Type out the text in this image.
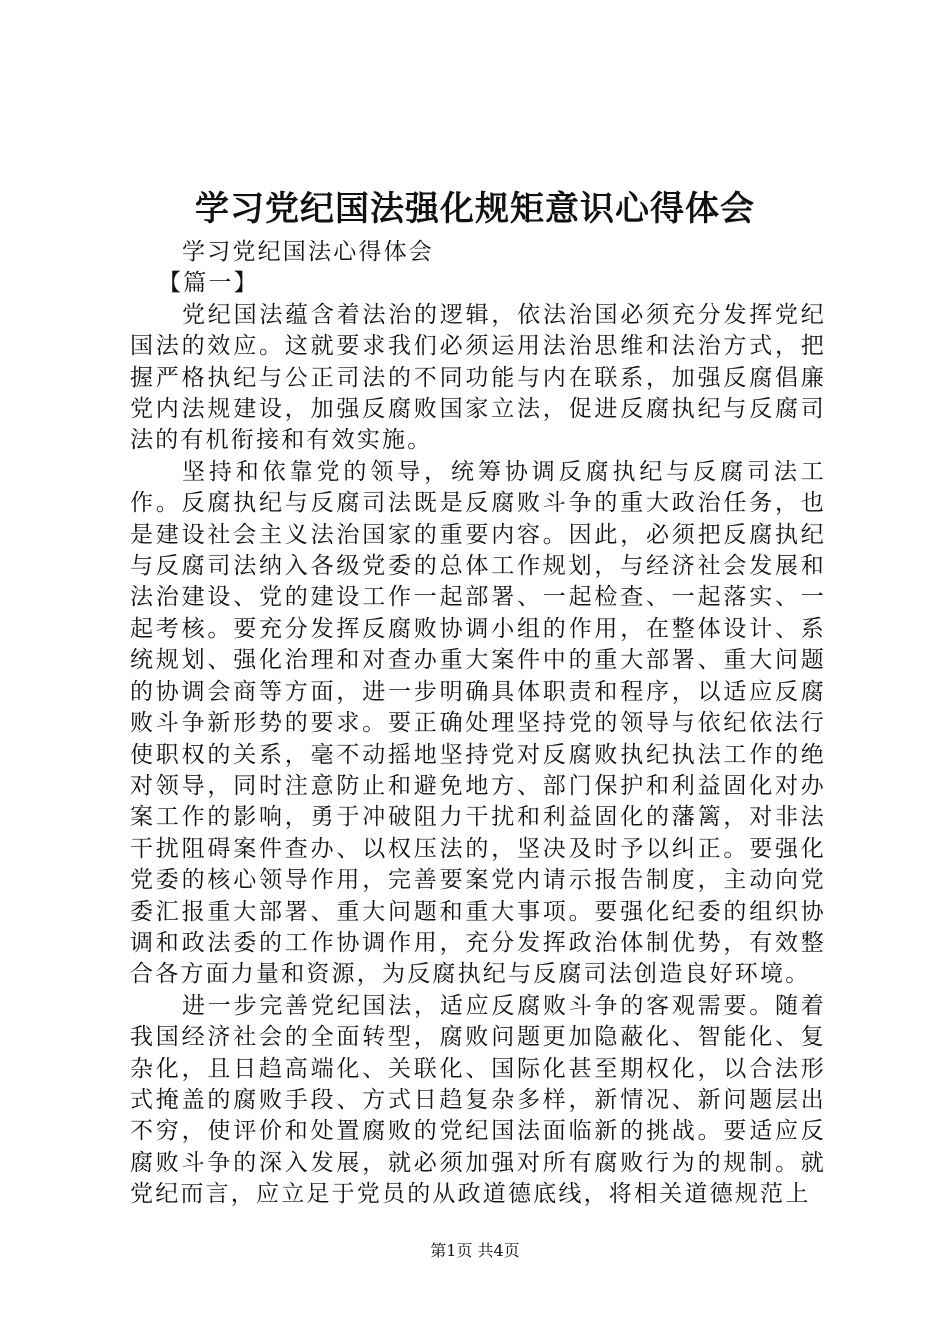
学习党纪国法强化规矩意识心得体会

学习党纪国法心得体会

【篇一】

党纪国法蕴含着法治的逻辑，依法治国必须充分发挥党纪国法的效应。这就要求我们必须运用法治思维和法治方式，把握严格执纪与公正司法的不同功能与内在联系，加强反腐倡廉党内法规建设，加强反腐败国家立法，促进反腐执纪与反腐司法的有机衔接和有效实施。

坚持和依靠党的领导，统筹协调反腐执纪与反腐司法工作。反腐执纪与反腐司法既是反腐败斗争的重大政治任务，也是建设社会主义法治国家的重要内容。因此，必须把反腐执纪与反腐司法纳入各级党委的总体工作规划，与经济社会发展和法治建设、党的建设工作一起部署、一起检查、一起落实、一起考核。要充分发挥反腐败协调小组的作用，在整体设计、系统规划、强化治理和对查办重大案件中的重大部署、重大问题的协调会商等方面，进一步明确具体职责和程序，以适应反腐败斗争新形势的要求。要正确处理坚持党的领导与依纪依法行使职权的关系，毫不动摇地坚持党对反腐败执纪执法工作的绝对领导，同时注意防止和避免地方、部门保护和利益固化对办案工作的影响，勇于冲破阻力干扰和利益固化的藩篱，对非法干扰阻碍案件查办、以权压法的，坚决及时予以纠正。要强化党委的核心领导作用，完善要案党内请示报告制度，主动向党委汇报重大部署、重大问题和重大事项。要强化纪委的组织协调和政法委的工作协调作用，充分发挥政治体制优势，有效整合各方面力量和资源，为反腐执纪与反腐司法创造良好环境。

进一步完善党纪国法，适应反腐败斗争的客观需要。随着我国经济社会的全面转型，腐败问题更加隐蔽化、智能化、复杂化，且日趋高端化、关联化、国际化甚至期权化，以合法形式掩盖的腐败手段、方式日趋复杂多样，新情况、新问题层出不穷，使评价和处置腐败的党纪国法面临新的挑战。要适应反腐败斗争的深入发展，就必须加强对所有腐败行为的规制。就党纪而言，应立足于党员的从政道德底线，将相关道德规范上

第1页 共4页
